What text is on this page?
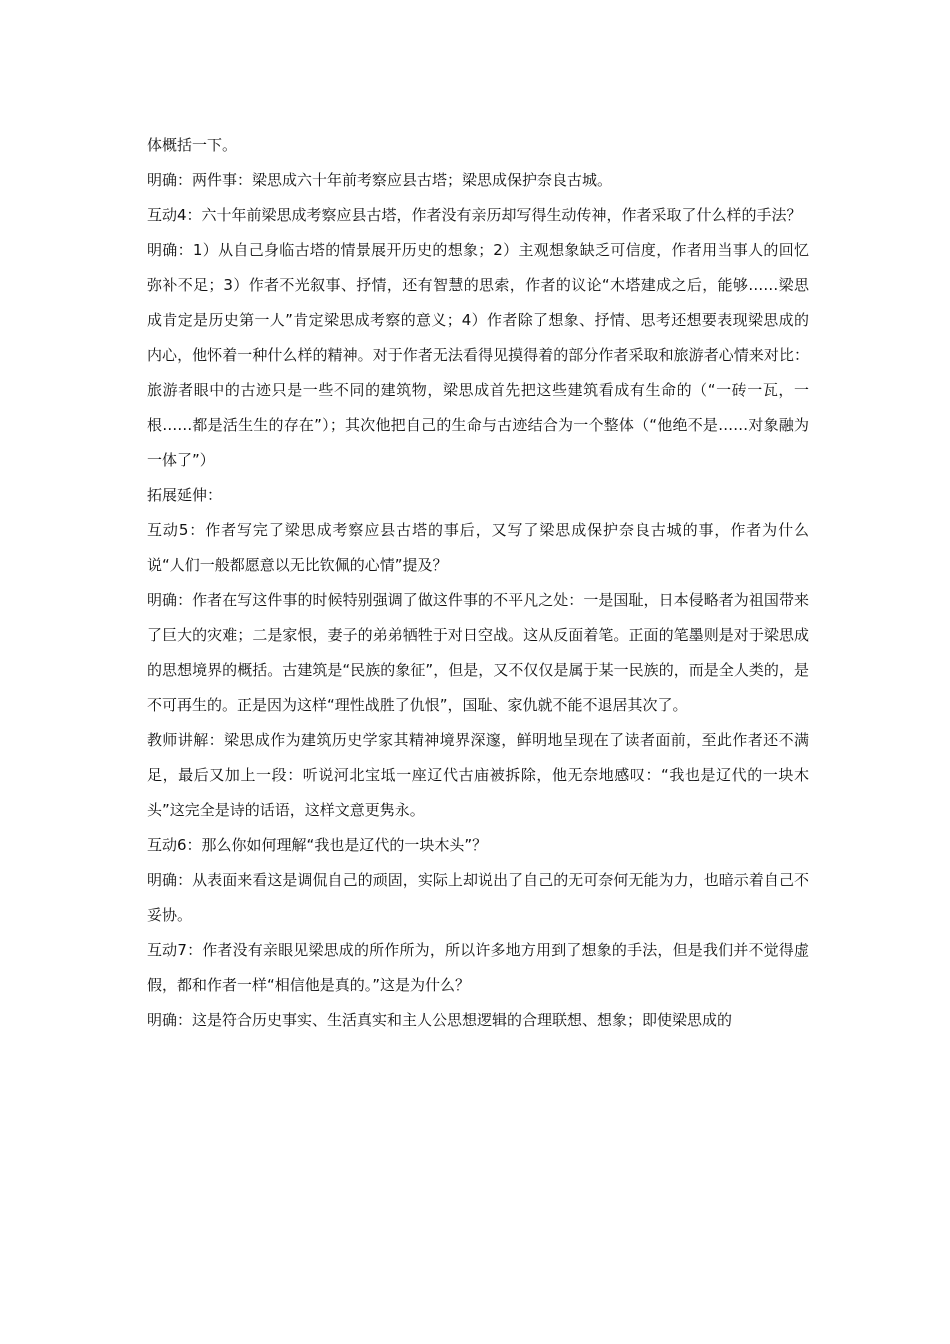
体概括一下。

明确：两件事：梁思成六十年前考察应县古塔；梁思成保护奈良古城。

互动4：六十年前梁思成考察应县古塔，作者没有亲历却写得生动传神，作者采取了什么样的手法？

明确：1）从自己身临古塔的情景展开历史的想象；2）主观想象缺乏可信度，作者用当事人的回忆弥补不足；3）作者不光叙事、抒情，还有智慧的思索，作者的议论“木塔建成之后，能够……梁思成肯定是历史第一人”肯定梁思成考察的意义；4）作者除了想象、抒情、思考还想要表现梁思成的内心，他怀着一种什么样的精神。对于作者无法看得见摸得着的部分作者采取和旅游者心情来对比：旅游者眼中的古迹只是一些不同的建筑物，梁思成首先把这些建筑看成有生命的（“一砖一瓦，一根……都是活生生的存在”）；其次他把自己的生命与古迹结合为一个整体（“他绝不是……对象融为一体了”）

拓展延伸：

互动5：作者写完了梁思成考察应县古塔的事后，又写了梁思成保护奈良古城的事，作者为什么说“人们一般都愿意以无比钦佩的心情”提及？

明确：作者在写这件事的时候特别强调了做这件事的不平凡之处：一是国耻，日本侵略者为祖国带来了巨大的灾难；二是家恨，妻子的弟弟牺牲于对日空战。这从反面着笔。正面的笔墨则是对于梁思成的思想境界的概括。古建筑是“民族的象征”，但是，又不仅仅是属于某一民族的，而是全人类的，是不可再生的。正是因为这样“理性战胜了仇恨”，国耻、家仇就不能不退居其次了。

教师讲解：梁思成作为建筑历史学家其精神境界深邃，鲜明地呈现在了读者面前，至此作者还不满足，最后又加上一段：听说河北宝坻一座辽代古庙被拆除，他无奈地感叹：“我也是辽代的一块木头”这完全是诗的话语，这样文意更隽永。

互动6：那么你如何理解“我也是辽代的一块木头”？

明确：从表面来看这是调侃自己的顽固，实际上却说出了自己的无可奈何无能为力，也暗示着自己不妥协。

互动7：作者没有亲眼见梁思成的所作所为，所以许多地方用到了想象的手法，但是我们并不觉得虚假，都和作者一样“相信他是真的。”这是为什么？

明确：这是符合历史事实、生活真实和主人公思想逻辑的合理联想、想象；即使梁思成的
